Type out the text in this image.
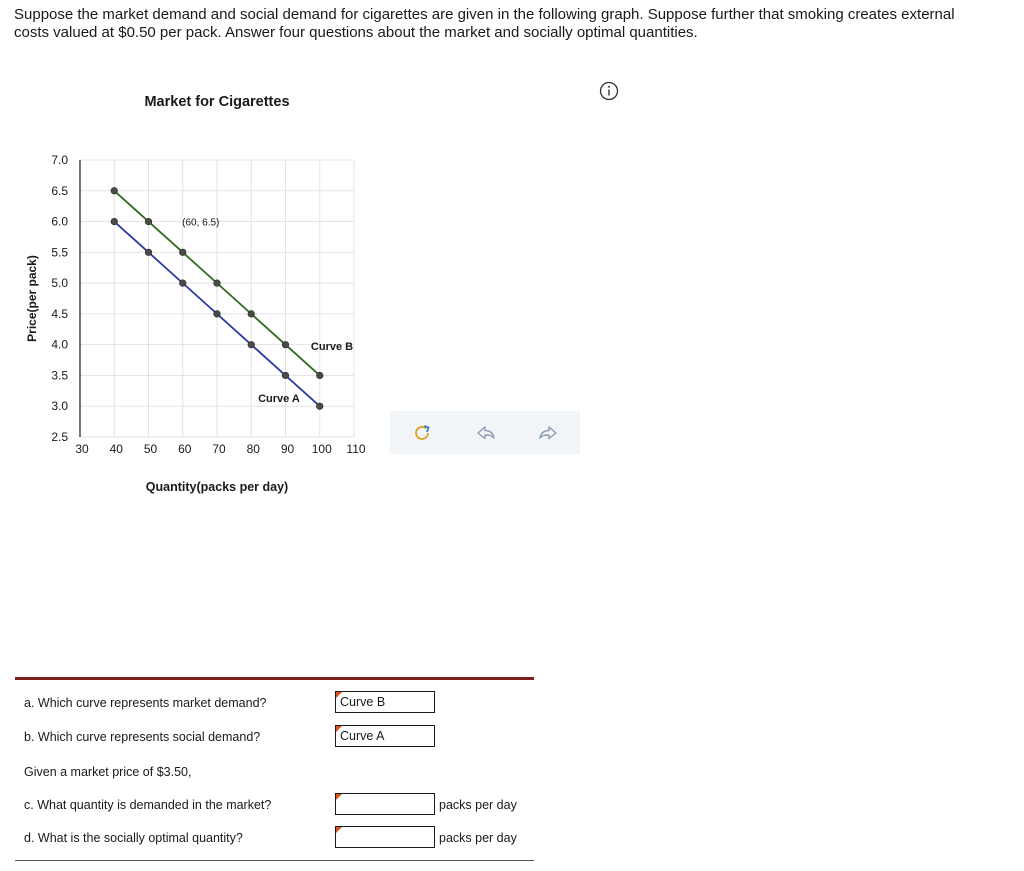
Suppose the market demand and social demand for cigarettes are given in the following graph. Suppose further that smoking creates external costs valued at $0.50 per pack. Answer four questions about the market and socially optimal quantities.
Market for Cigarettes
7.0
6.5
6.0
5.5
5.0
4.5
4.0
3.5
3.0
2.5
30 40 50 60 70 80 90 100 110
Quantity(packs per day)
Price(per pack)
Curve B
Curve A
(60, 6.5)
a. Which curve represents market demand?	Curve B
b. Which curve represents social demand?	Curve A
Given a market price of $3.50,
c. What quantity is demanded in the market?	packs per day
d. What is the socially optimal quantity?	packs per day
